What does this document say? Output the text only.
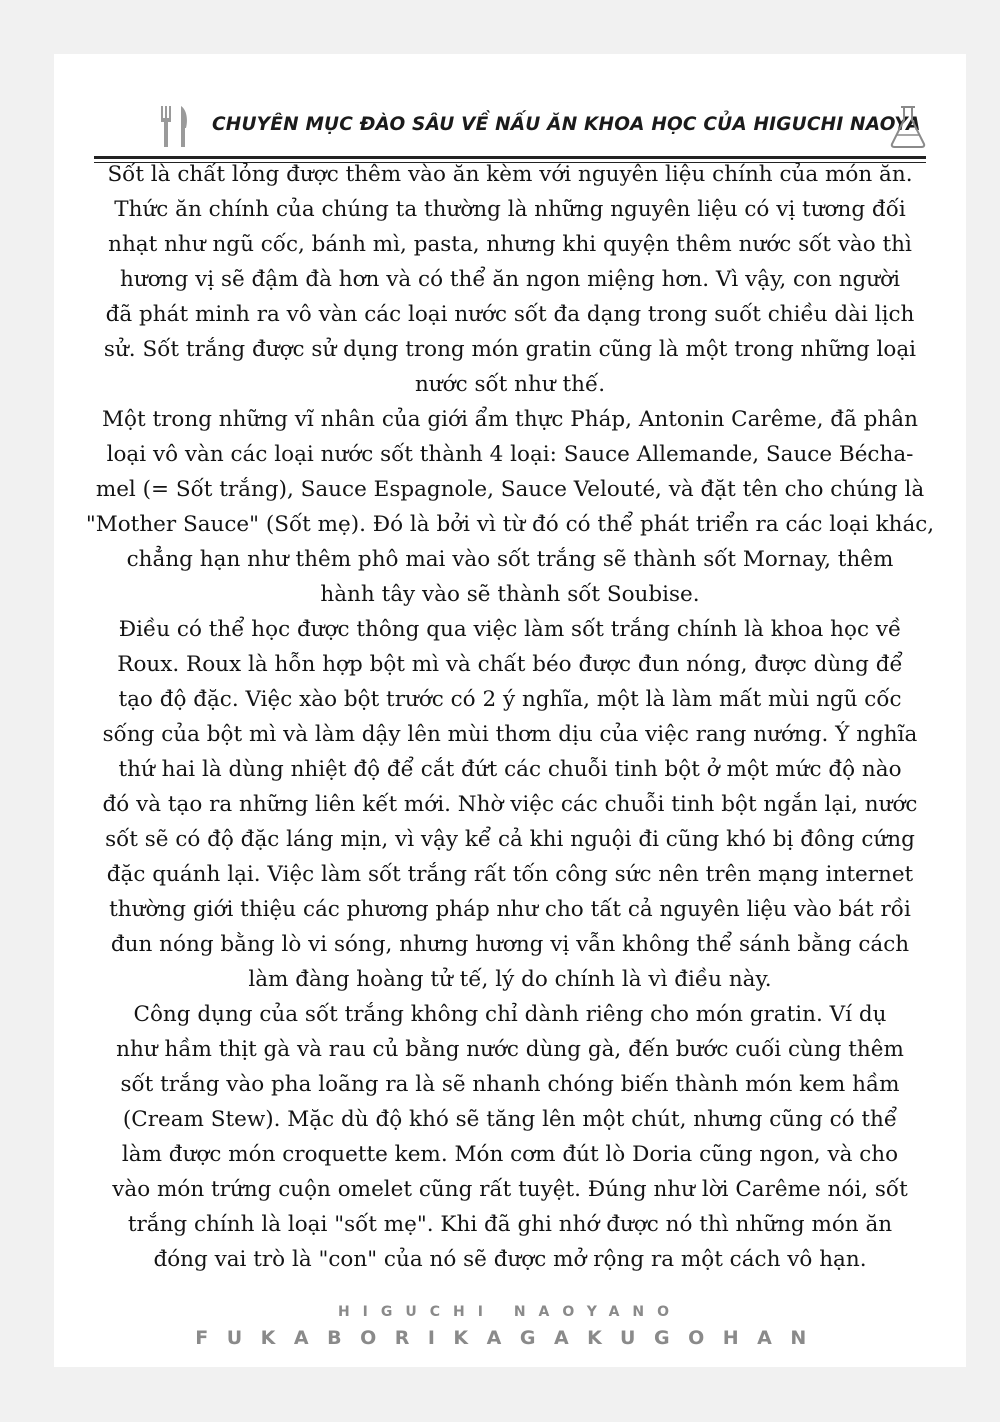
CHUYÊN MỤC ĐÀO SÂU VỀ NẤU ĂN KHOA HỌC CỦA HIGUCHI NAOYA
Sốt là chất lỏng được thêm vào ăn kèm với nguyên liệu chính của món ăn.
Thức ăn chính của chúng ta thường là những nguyên liệu có vị tương đối
nhạt như ngũ cốc, bánh mì, pasta, nhưng khi quyện thêm nước sốt vào thì
hương vị sẽ đậm đà hơn và có thể ăn ngon miệng hơn. Vì vậy, con người
đã phát minh ra vô vàn các loại nước sốt đa dạng trong suốt chiều dài lịch
sử. Sốt trắng được sử dụng trong món gratin cũng là một trong những loại
nước sốt như thế.
Một trong những vĩ nhân của giới ẩm thực Pháp, Antonin Carême, đã phân
loại vô vàn các loại nước sốt thành 4 loại: Sauce Allemande, Sauce Bécha-
mel (= Sốt trắng), Sauce Espagnole, Sauce Velouté, và đặt tên cho chúng là
"Mother Sauce" (Sốt mẹ). Đó là bởi vì từ đó có thể phát triển ra các loại khác,
chẳng hạn như thêm phô mai vào sốt trắng sẽ thành sốt Mornay, thêm
hành tây vào sẽ thành sốt Soubise.
Điều có thể học được thông qua việc làm sốt trắng chính là khoa học về
Roux. Roux là hỗn hợp bột mì và chất béo được đun nóng, được dùng để
tạo độ đặc. Việc xào bột trước có 2 ý nghĩa, một là làm mất mùi ngũ cốc
sống của bột mì và làm dậy lên mùi thơm dịu của việc rang nướng. Ý nghĩa
thứ hai là dùng nhiệt độ để cắt đứt các chuỗi tinh bột ở một mức độ nào
đó và tạo ra những liên kết mới. Nhờ việc các chuỗi tinh bột ngắn lại, nước
sốt sẽ có độ đặc láng mịn, vì vậy kể cả khi nguội đi cũng khó bị đông cứng
đặc quánh lại. Việc làm sốt trắng rất tốn công sức nên trên mạng internet
thường giới thiệu các phương pháp như cho tất cả nguyên liệu vào bát rồi
đun nóng bằng lò vi sóng, nhưng hương vị vẫn không thể sánh bằng cách
làm đàng hoàng tử tế, lý do chính là vì điều này.
Công dụng của sốt trắng không chỉ dành riêng cho món gratin. Ví dụ
như hầm thịt gà và rau củ bằng nước dùng gà, đến bước cuối cùng thêm
sốt trắng vào pha loãng ra là sẽ nhanh chóng biến thành món kem hầm
(Cream Stew). Mặc dù độ khó sẽ tăng lên một chút, nhưng cũng có thể
làm được món croquette kem. Món cơm đút lò Doria cũng ngon, và cho
vào món trứng cuộn omelet cũng rất tuyệt. Đúng như lời Carême nói, sốt
trắng chính là loại "sốt mẹ". Khi đã ghi nhớ được nó thì những món ăn
đóng vai trò là "con" của nó sẽ được mở rộng ra một cách vô hạn.
HIGUCHI NAOYANO
FUKABORIKAGAKUGOHAN
